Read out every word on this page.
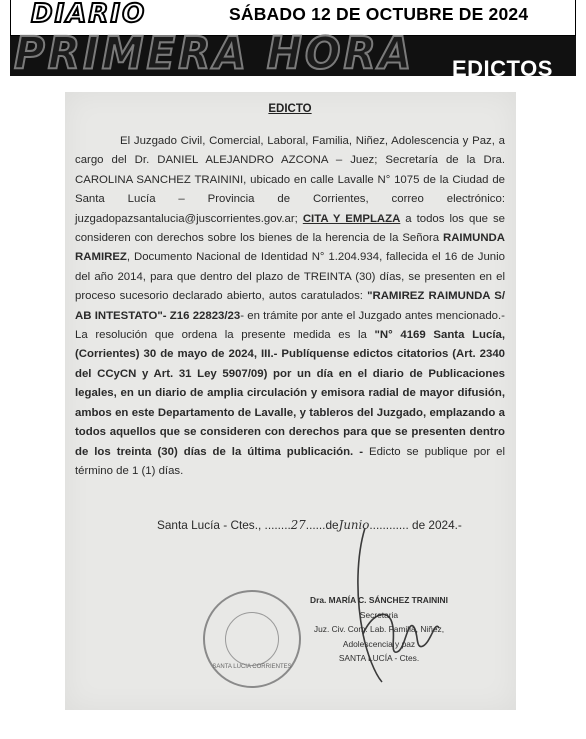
DIARIO	SÁBADO 12 DE OCTUBRE DE 2024
PRIMERA HORA EDICTOS
EDICTO

El Juzgado Civil, Comercial, Laboral, Familia, Niñez, Adolescencia y Paz, a cargo del Dr. DANIEL ALEJANDRO AZCONA – Juez; Secretaría de la Dra. CAROLINA SANCHEZ TRAININI, ubicado en calle Lavalle N° 1075 de la Ciudad de Santa Lucía – Provincia de Corrientes, correo electrónico: juzgadopazsantalucia@juscorrientes.gov.ar; CITA Y EMPLAZA a todos los que se consideren con derechos sobre los bienes de la herencia de la Señora RAIMUNDA RAMIREZ, Documento Nacional de Identidad N° 1.204.934, fallecida el 16 de Junio del año 2014, para que dentro del plazo de TREINTA (30) días, se presenten en el proceso sucesorio declarado abierto, autos caratulados: "RAMIREZ RAIMUNDA S/ AB INTESTATO"- Z16 22823/23- en trámite por ante el Juzgado antes mencionado.- La resolución que ordena la presente medida es la "N° 4169 Santa Lucía, (Corrientes) 30 de mayo de 2024, III.- Publíquense edictos citatorios (Art. 2340 del CCyCN y Art. 31 Ley 5907/09) por un día en el diario de Publicaciones legales, en un diario de amplia circulación y emisora radial de mayor difusión, ambos en este Departamento de Lavalle, y tableros del Juzgado, emplazando a todos aquellos que se consideren con derechos para que se presenten dentro de los treinta (30) días de la última publicación. - Edicto se publique por el término de 1 (1) días.

Santa Lucía - Ctes., ........27......deJunio............ de 2024.-
SANTA LUCIA CORRIENTES
Dra. MARÍA C. SÁNCHEZ TRAININI
Secretaria
Juz. Civ. Com. Lab. Familia, Niñez,
Adolescencia y paz
SANTA LUCÍA - Ctes.
